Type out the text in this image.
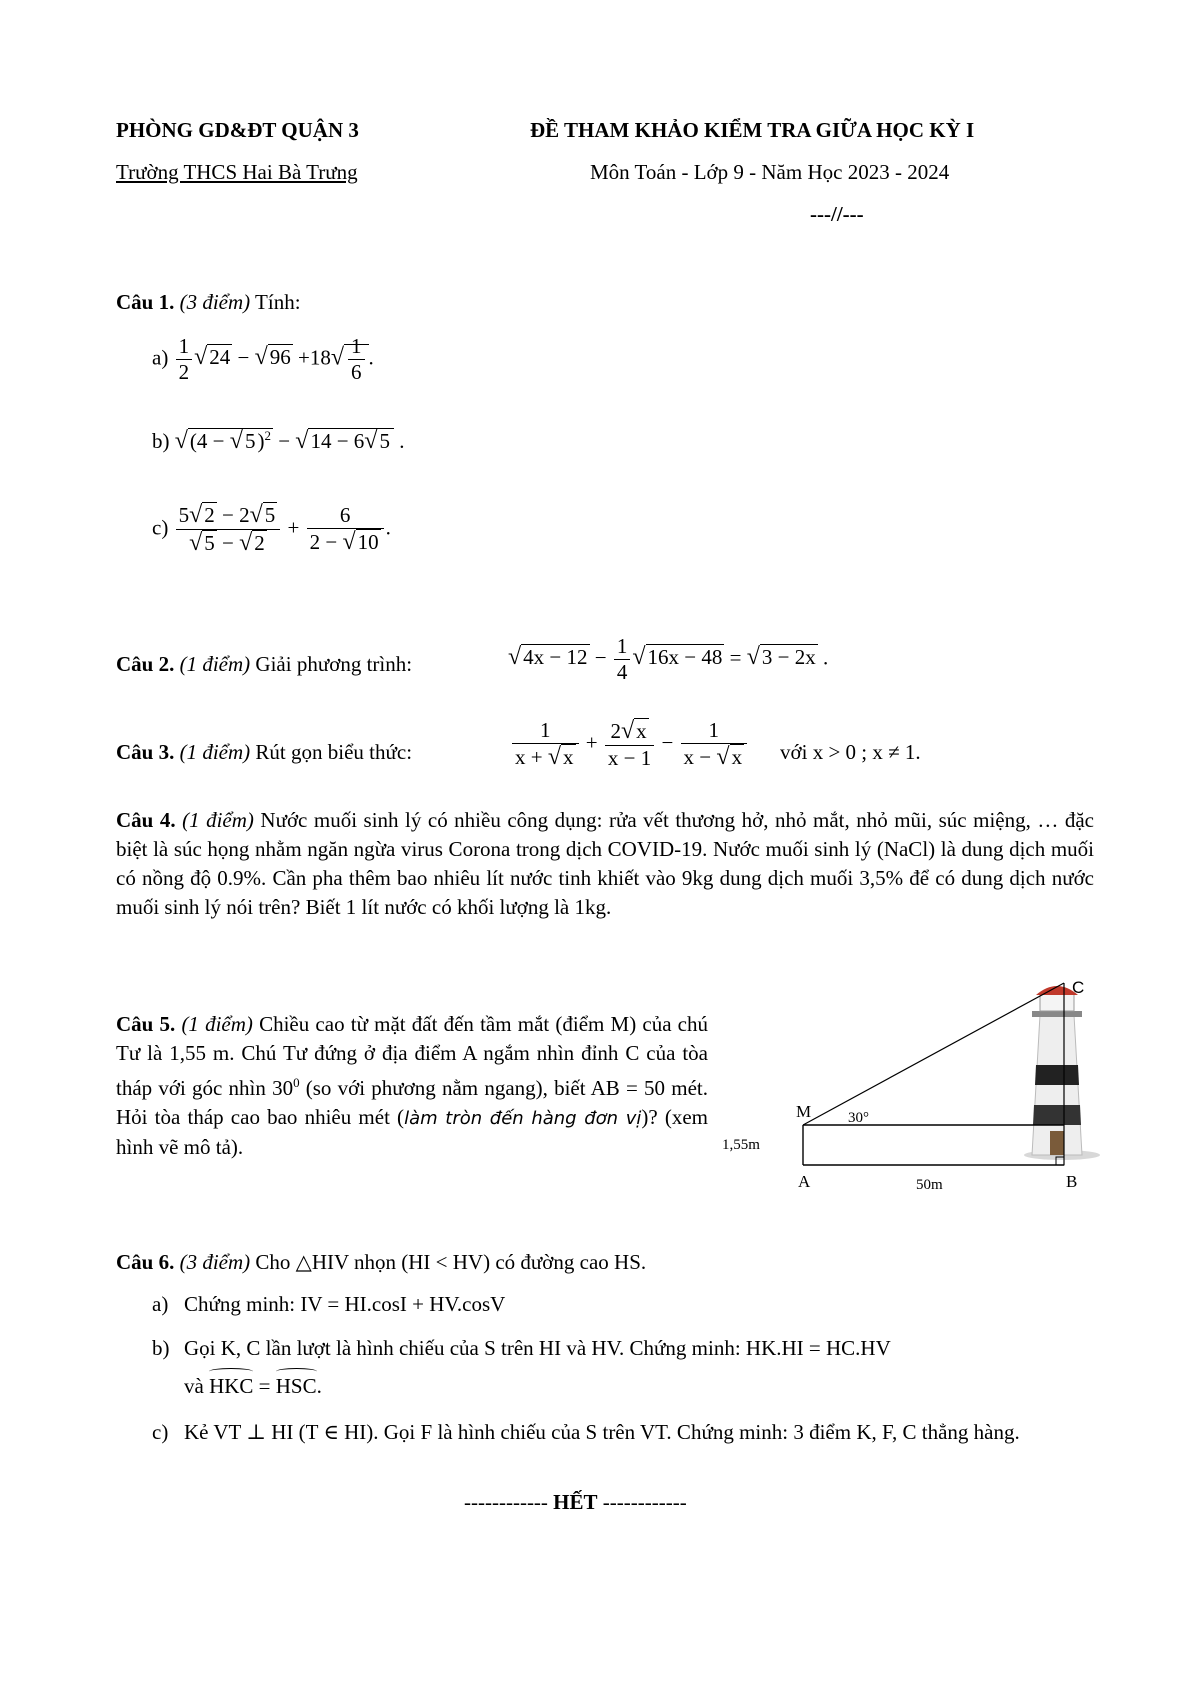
PHÒNG GD&ĐT QUẬN 3
Trường THCS Hai Bà Trưng
ĐỀ THAM KHẢO KIỂM TRA GIỮA HỌC KỲ I
Môn Toán - Lớp 9 - Năm Học 2023 - 2024
---//---
Câu 1. (3 điểm) Tính:
$a) \frac{1}{2} √24 - √96 +18√ \frac{1}{6}$ .
b) $√(4 - √5)^2 - √14 - 6√5$ .
$c) \frac{5√2 - 2√5}{√5 - √2} + \frac{6}{2 - √10}$ .
Câu 2. (1 điểm) Giải phương trình:	$√4x - 12 - \frac{1}{4} √16x - 48 = √3 - 2x$ .
Câu 3. (1 điểm) Rút gọn biểu thức:	$\frac{1}{x + √x} + \frac{2√x}{x - 1} - \frac{1}{x - √x}$ với x > 0 ; x ≠ 1.
Câu 4. (1 điểm) Nước muối sinh lý có nhiều công dụng: rửa vết thương hở, nhỏ mắt, nhỏ mũi, súc miệng, … đặc biệt là súc họng nhằm ngăn ngừa virus Corona trong dịch COVID-19. Nước muối sinh lý (NaCl) là dung dịch muối có nồng độ 0.9%. Cần pha thêm bao nhiêu lít nước tinh khiết vào 9kg dung dịch muối 3,5% để có dung dịch nước muối sinh lý nói trên? Biết 1 lít nước có khối lượng là 1kg.
Câu 5. (1 điểm) Chiều cao từ mặt đất đến tầm mắt (điểm M) của chú Tư là 1,55 m. Chú Tư đứng ở địa điểm A ngắm nhìn đỉnh C của tòa tháp với góc nhìn $30^0$ (so với phương nằm ngang), biết AB = 50 mét. Hỏi tòa tháp cao bao nhiêu mét (làm tròn đến hàng đơn vị)? (xem hình vẽ mô tả).
C
M
A	B
30°
1,55m
50m
Câu 6. (3 điểm) Cho △HIV nhọn (HI < HV) có đường cao HS.
a) Chứng minh: IV = HI.cosI + HV.cosV
b) Gọi K, C lần lượt là hình chiếu của S trên HI và HV. Chứng minh: HK.HI = HC.HV
và HKC = HSC.
c) Kẻ VT ⊥ HI (T ∈ HI). Gọi F là hình chiếu của S trên VT. Chứng minh: 3 điểm K, F, C thẳng hàng.
------------ HẾT ------------
